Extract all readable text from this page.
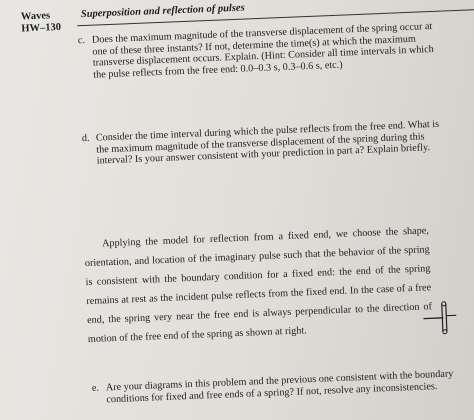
Waves
HW–130
Superposition and reflection of pulses
c. Does the maximum magnitude of the transverse displacement of the spring occur at one of these three instants? If not, determine the time(s) at which the maximum transverse displacement occurs. Explain. (Hint: Consider all time intervals in which the pulse reflects from the free end: 0.0–0.3 s, 0.3–0.6 s, etc.)
d. Consider the time interval during which the pulse reflects from the free end. What is the maximum magnitude of the transverse displacement of the spring during this interval? Is your answer consistent with your prediction in part a? Explain briefly.
Applying the model for reflection from a fixed end, we choose the shape, orientation, and location of the imaginary pulse such that the behavior of the spring is consistent with the boundary condition for a fixed end: the end of the spring remains at rest as the incident pulse reflects from the fixed end. In the case of a free end, the spring very near the free end is always perpendicular to the direction of motion of the free end of the spring as shown at right.
e. Are your diagrams in this problem and the previous one consistent with the boundary conditions for fixed and free ends of a spring? If not, resolve any inconsistencies.
